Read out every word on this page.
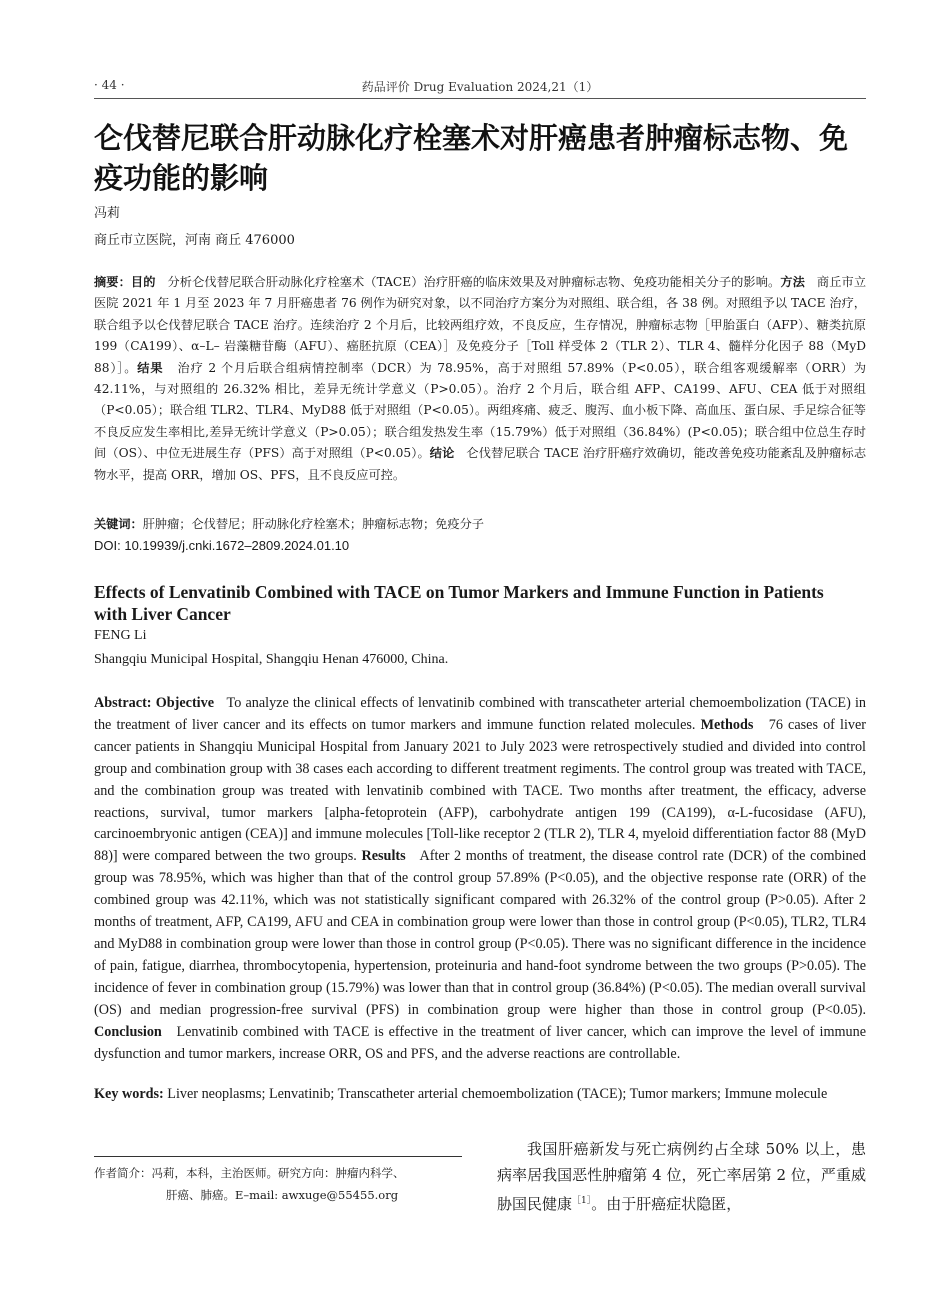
· 44 ·	药品评价 Drug Evaluation 2024,21（1）
仑伐替尼联合肝动脉化疗栓塞术对肝癌患者肿瘤标志物、免疫功能的影响
冯莉
商丘市立医院，河南 商丘 476000
摘要：目的 分析仑伐替尼联合肝动脉化疗栓塞术（TACE）治疗肝癌的临床效果及对肿瘤标志物、免疫功能相关分子的影响。方法 商丘市立医院 2021 年 1 月至 2023 年 7 月肝癌患者 76 例作为研究对象，以不同治疗方案分为对照组、联合组，各 38 例。对照组予以 TACE 治疗，联合组予以仑伐替尼联合 TACE 治疗。连续治疗 2 个月后，比较两组疗效，不良反应，生存情况，肿瘤标志物［甲胎蛋白（AFP）、糖类抗原 199（CA199）、α–L– 岩藻糖苷酶（AFU）、癌胚抗原（CEA）］及免疫分子［Toll 样受体 2（TLR 2）、TLR 4、髓样分化因子 88（MyD 88）］。结果 治疗 2 个月后联合组病情控制率（DCR）为 78.95%，高于对照组 57.89%（P<0.05），联合组客观缓解率（ORR）为 42.11%，与对照组的 26.32% 相比，差异无统计学意义（P>0.05）。治疗 2 个月后，联合组 AFP、CA199、AFU、CEA 低于对照组（P<0.05）；联合组 TLR2、TLR4、MyD88 低于对照组（P<0.05）。两组疼痛、疲乏、腹泻、血小板下降、高血压、蛋白尿、手足综合征等不良反应发生率相比,差异无统计学意义（P>0.05）；联合组发热发生率（15.79%）低于对照组（36.84%）(P<0.05)；联合组中位总生存时间（OS）、中位无进展生存（PFS）高于对照组（P<0.05）。结论 仑伐替尼联合 TACE 治疗肝癌疗效确切，能改善免疫功能紊乱及肿瘤标志物水平，提高 ORR，增加 OS、PFS，且不良反应可控。
关键词：肝肿瘤；仑伐替尼；肝动脉化疗栓塞术；肿瘤标志物；免疫分子
DOI: 10.19939/j.cnki.1672–2809.2024.01.10
Effects of Lenvatinib Combined with TACE on Tumor Markers and Immune Function in Patients with Liver Cancer
FENG Li
Shangqiu Municipal Hospital, Shangqiu Henan 476000, China.
Abstract: Objective To analyze the clinical effects of lenvatinib combined with transcatheter arterial chemoembolization (TACE) in the treatment of liver cancer and its effects on tumor markers and immune function related molecules. Methods 76 cases of liver cancer patients in Shangqiu Municipal Hospital from January 2021 to July 2023 were retrospectively studied and divided into control group and combination group with 38 cases each according to different treatment regiments. The control group was treated with TACE, and the combination group was treated with lenvatinib combined with TACE. Two months after treatment, the efficacy, adverse reactions, survival, tumor markers [alpha-fetoprotein (AFP), carbohydrate antigen 199 (CA199), α-L-fucosidase (AFU), carcinoembryonic antigen (CEA)] and immune molecules [Toll-like receptor 2 (TLR 2), TLR 4, myeloid differentiation factor 88 (MyD 88)] were compared between the two groups. Results After 2 months of treatment, the disease control rate (DCR) of the combined group was 78.95%, which was higher than that of the control group 57.89% (P<0.05), and the objective response rate (ORR) of the combined group was 42.11%, which was not statistically significant compared with 26.32% of the control group (P>0.05). After 2 months of treatment, AFP, CA199, AFU and CEA in combination group were lower than those in control group (P<0.05), TLR2, TLR4 and MyD88 in combination group were lower than those in control group (P<0.05). There was no significant difference in the incidence of pain, fatigue, diarrhea, thrombocytopenia, hypertension, proteinuria and hand-foot syndrome between the two groups (P>0.05). The incidence of fever in combination group (15.79%) was lower than that in control group (36.84%) (P<0.05). The median overall survival (OS) and median progression-free survival (PFS) in combination group were higher than those in control group (P<0.05). Conclusion Lenvatinib combined with TACE is effective in the treatment of liver cancer, which can improve the level of immune dysfunction and tumor markers, increase ORR, OS and PFS, and the adverse reactions are controllable.
Key words: Liver neoplasms; Lenvatinib; Transcatheter arterial chemoembolization (TACE); Tumor markers; Immune molecule
作者简介：冯莉，本科，主治医师。研究方向：肿瘤内科学、
肝癌、肺癌。E–mail: awxuge@55455.org
我国肝癌新发与死亡病例约占全球 50% 以上，患病率居我国恶性肿瘤第 4 位，死亡率居第 2 位，严重威胁国民健康$^{[1]}$。由于肝癌症状隐匿，
